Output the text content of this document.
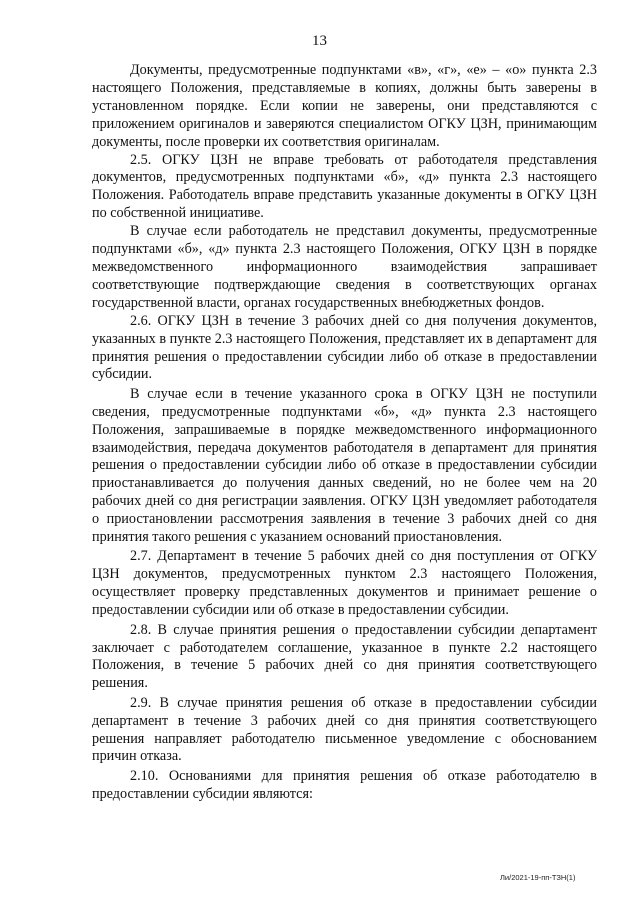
13

Документы, предусмотренные подпунктами «в», «г», «е» – «о» пункта 2.3 настоящего Положения, представляемые в копиях, должны быть заверены в установленном порядке. Если копии не заверены, они представляются с приложением оригиналов и заверяются специалистом ОГКУ ЦЗН, принимающим документы, после проверки их соответствия оригиналам.

2.5. ОГКУ ЦЗН не вправе требовать от работодателя представления документов, предусмотренных подпунктами «б», «д» пункта 2.3 настоящего Положения. Работодатель вправе представить указанные документы в ОГКУ ЦЗН по собственной инициативе.

В случае если работодатель не представил документы, предусмотренные подпунктами «б», «д» пункта 2.3 настоящего Положения, ОГКУ ЦЗН в порядке межведомственного информационного взаимодействия запрашивает соответствующие подтверждающие сведения в соответствующих органах государственной власти, органах государственных внебюджетных фондов.

2.6. ОГКУ ЦЗН в течение 3 рабочих дней со дня получения документов, указанных в пункте 2.3 настоящего Положения, представляет их в департамент для принятия решения о предоставлении субсидии либо об отказе в предоставлении субсидии.

В случае если в течение указанного срока в ОГКУ ЦЗН не поступили сведения, предусмотренные подпунктами «б», «д» пункта 2.3 настоящего Положения, запрашиваемые в порядке межведомственного информационного взаимодействия, передача документов работодателя в департамент для принятия решения о предоставлении субсидии либо об отказе в предоставлении субсидии приостанавливается до получения данных сведений, но не более чем на 20 рабочих дней со дня регистрации заявления. ОГКУ ЦЗН уведомляет работодателя о приостановлении рассмотрения заявления в течение 3 рабочих дней со дня принятия такого решения с указанием оснований приостановления.

2.7. Департамент в течение 5 рабочих дней со дня поступления от ОГКУ ЦЗН документов, предусмотренных пунктом 2.3 настоящего Положения, осуществляет проверку представленных документов и принимает решение о предоставлении субсидии или об отказе в предоставлении субсидии.

2.8. В случае принятия решения о предоставлении субсидии департамент заключает с работодателем соглашение, указанное в пункте 2.2 настоящего Положения, в течение 5 рабочих дней со дня принятия соответствующего решения.

2.9. В случае принятия решения об отказе в предоставлении субсидии департамент в течение 3 рабочих дней со дня принятия соответствующего решения направляет работодателю письменное уведомление с обоснованием причин отказа.

2.10. Основаниями для принятия решения об отказе работодателю в предоставлении субсидии являются:

Ли/2021-19-пп-ТЗН(1)
